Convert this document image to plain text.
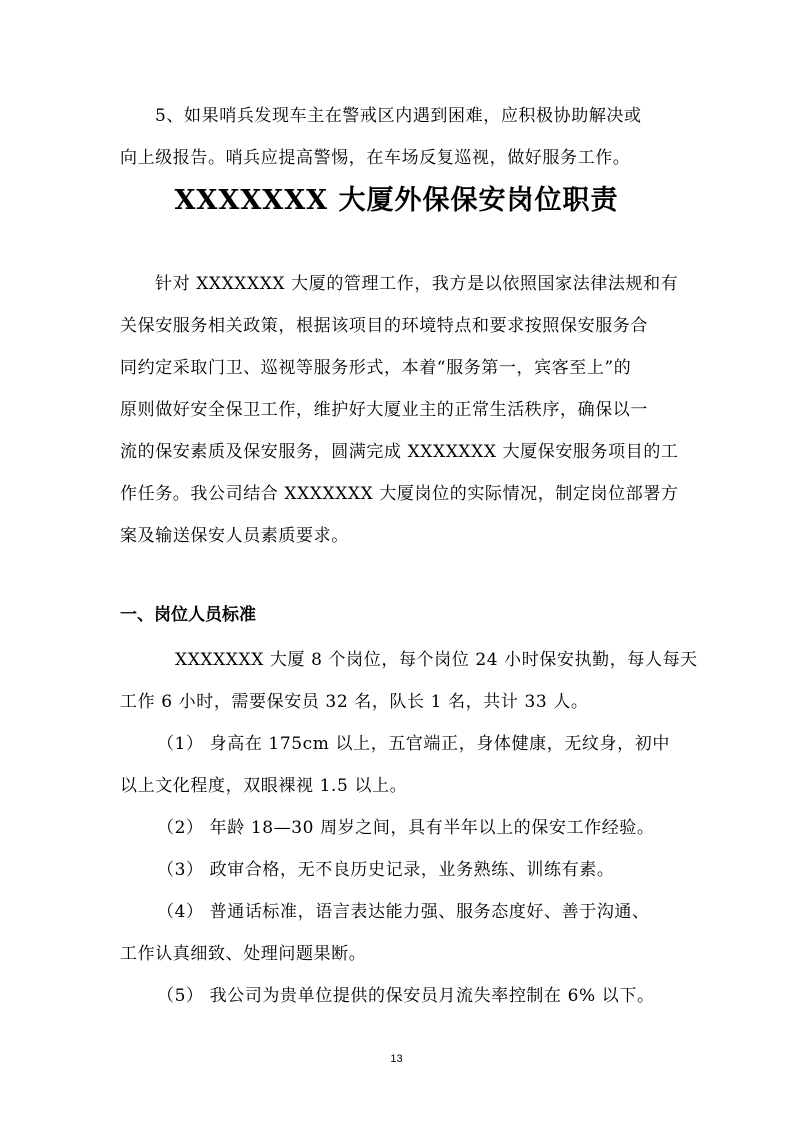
5、如果哨兵发现车主在警戒区内遇到困难，应积极协助解决或
向上级报告。哨兵应提高警惕，在车场反复巡视，做好服务工作。
XXXXXXX 大厦外保保安岗位职责
针对 XXXXXXX 大厦的管理工作，我方是以依照国家法律法规和有
关保安服务相关政策，根据该项目的环境特点和要求按照保安服务合
同约定采取门卫、巡视等服务形式，本着“服务第一，宾客至上”的
原则做好安全保卫工作，维护好大厦业主的正常生活秩序，确保以一
流的保安素质及保安服务，圆满完成 XXXXXXX 大厦保安服务项目的工
作任务。我公司结合 XXXXXXX 大厦岗位的实际情况，制定岗位部署方
案及输送保安人员素质要求。
一、岗位人员标准
XXXXXXX 大厦 8 个岗位，每个岗位 24 小时保安执勤，每人每天
工作 6 小时，需要保安员 32 名，队长 1 名，共计 33 人。
（1） 身高在 175cm 以上，五官端正，身体健康，无纹身，初中
以上文化程度，双眼裸视 1.5 以上。
（2） 年龄 18—30 周岁之间，具有半年以上的保安工作经验。
（3） 政审合格，无不良历史记录，业务熟练、训练有素。
（4） 普通话标准，语言表达能力强、服务态度好、善于沟通、
工作认真细致、处理问题果断。
（5） 我公司为贵单位提供的保安员月流失率控制在 6% 以下。
13
